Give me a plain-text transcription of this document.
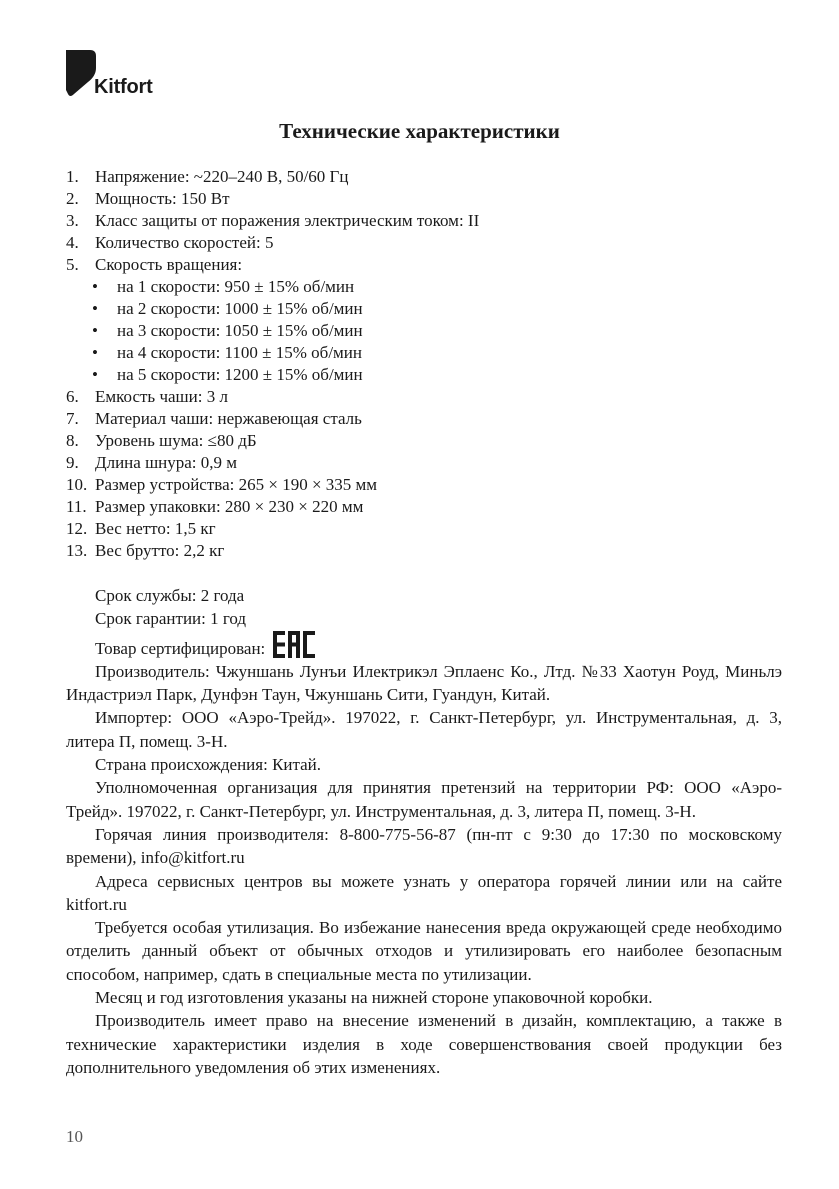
Kitfort
Технические характеристики
1. Напряжение: ~220–240 В, 50/60 Гц
2. Мощность: 150 Вт
3. Класс защиты от поражения электрическим током: II
4. Количество скоростей: 5
5. Скорость вращения:
• на 1 скорости: 950 ± 15% об/мин
• на 2 скорости: 1000 ± 15% об/мин
• на 3 скорости: 1050 ± 15% об/мин
• на 4 скорости: 1100 ± 15% об/мин
• на 5 скорости: 1200 ± 15% об/мин
6. Емкость чаши: 3 л
7. Материал чаши: нержавеющая сталь
8. Уровень шума: ≤80 дБ
9. Длина шнура: 0,9 м
10. Размер устройства: 265 × 190 × 335 мм
11. Размер упаковки: 280 × 230 × 220 мм
12. Вес нетто: 1,5 кг
13. Вес брутто: 2,2 кг

Срок службы: 2 года

Срок гарантии: 1 год

Товар сертифицирован:

Производитель: Чжуншань Лунъи Илектрикэл Эплаенс Ко., Лтд. №33 Хаотун Роуд, Миньлэ Индастриэл Парк, Дунфэн Таун, Чжуншань Сити, Гуандун, Китай.

Импортер: ООО «Аэро-Трейд». 197022, г. Санкт-Петербург, ул. Инструментальная, д. 3, литера П, помещ. 3-Н.

Страна происхождения: Китай.

Уполномоченная организация для принятия претензий на территории РФ: ООО «Аэро-Трейд». 197022, г. Санкт-Петербург, ул. Инструментальная, д. 3, литера П, помещ. 3-Н.

Горячая линия производителя: 8-800-775-56-87 (пн-пт с 9:30 до 17:30 по московскому времени), info@kitfort.ru

Адреса сервисных центров вы можете узнать у оператора горячей линии или на сайте kitfort.ru

Требуется особая утилизация. Во избежание нанесения вреда окружающей среде необходимо отделить данный объект от обычных отходов и утилизировать его наиболее безопасным способом, например, сдать в специальные места по утилизации.

Месяц и год изготовления указаны на нижней стороне упаковочной коробки.

Производитель имеет право на внесение изменений в дизайн, комплектацию, а также в технические характеристики изделия в ходе совершенствования своей продукции без дополнительного уведомления об этих изменениях.

10
